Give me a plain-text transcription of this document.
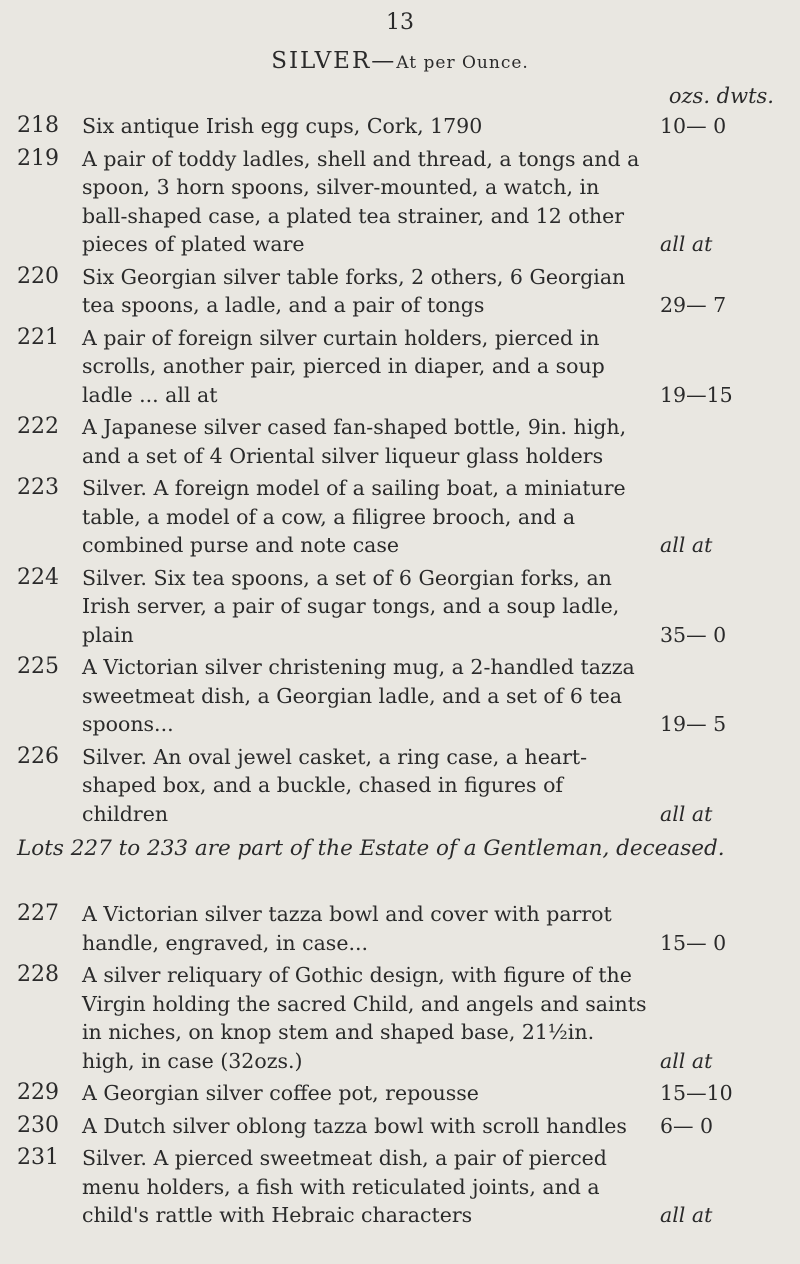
13
SILVER—At per Ounce.
ozs. dwts.
218	Six antique Irish egg cups, Cork, 1790	10— 0
219	A pair of toddy ladles, shell and thread, a tongs and a spoon, 3 horn spoons, silver-mounted, a watch, in ball-shaped case, a plated tea strainer, and 12 other pieces of plated ware	all at
220	Six Georgian silver table forks, 2 others, 6 Georgian tea spoons, a ladle, and a pair of tongs	29— 7
221	A pair of foreign silver curtain holders, pierced in scrolls, another pair, pierced in diaper, and a soup ladle ... all at	19—15
222	A Japanese silver cased fan-shaped bottle, 9in. high, and a set of 4 Oriental silver liqueur glass holders
223	Silver. A foreign model of a sailing boat, a miniature table, a model of a cow, a filigree brooch, and a combined purse and note case	all at
224	Silver. Six tea spoons, a set of 6 Georgian forks, an Irish server, a pair of sugar tongs, and a soup ladle, plain	35— 0
225	A Victorian silver christening mug, a 2-handled tazza sweetmeat dish, a Georgian ladle, and a set of 6 tea spoons...	19— 5
226	Silver. An oval jewel casket, a ring case, a heart-shaped box, and a buckle, chased in figures of children	all at
Lots 227 to 233 are part of the Estate of a Gentleman, deceased.
227	A Victorian silver tazza bowl and cover with parrot handle, engraved, in case...	15— 0
228	A silver reliquary of Gothic design, with figure of the Virgin holding the sacred Child, and angels and saints in niches, on knop stem and shaped base, 21½in. high, in case (32ozs.)	all at
229	A Georgian silver coffee pot, repousse	15—10
230	A Dutch silver oblong tazza bowl with scroll handles	6— 0
231	Silver. A pierced sweetmeat dish, a pair of pierced menu holders, a fish with reticulated joints, and a child's rattle with Hebraic characters	all at
